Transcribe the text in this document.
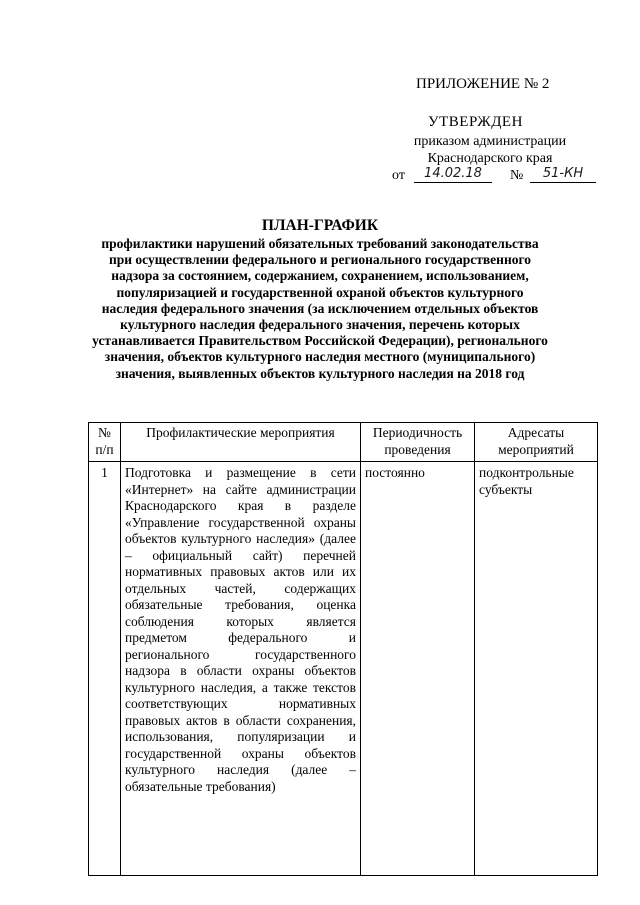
ПРИЛОЖЕНИЕ № 2
УТВЕРЖДЕН
приказом администрации
Краснодарского края
от	14.02.18	№	51-КН
ПЛАН-ГРАФИК
профилактики нарушений обязательных требований законодательства при осуществлении федерального и регионального государственного надзора за состоянием, содержанием, сохранением, использованием, популяризацией и государственной охраной объектов культурного наследия федерального значения (за исключением отдельных объектов культурного наследия федерального значения, перечень которых устанавливается Правительством Российской Федерации), регионального значения, объектов культурного наследия местного (муниципального) значения, выявленных объектов культурного наследия на 2018 год
№ п/п	Профилактические мероприятия	Периодичность проведения	Адресаты мероприятий
1	Подготовка и размещение в сети «Интернет» на сайте администрации Краснодарского края в разделе «Управление государственной охраны объектов культурного наследия» (далее – официальный сайт) перечней нормативных правовых актов или их отдельных частей, содержащих обязательные требования, оценка соблюдения которых является предметом федерального и регионального государственного надзора в области охраны объектов культурного наследия, а также текстов соответствующих нормативных правовых актов в области сохранения, использования, популяризации и государственной охраны объектов культурного наследия (далее – обязательные требования)	постоянно	подконтрольные субъекты
